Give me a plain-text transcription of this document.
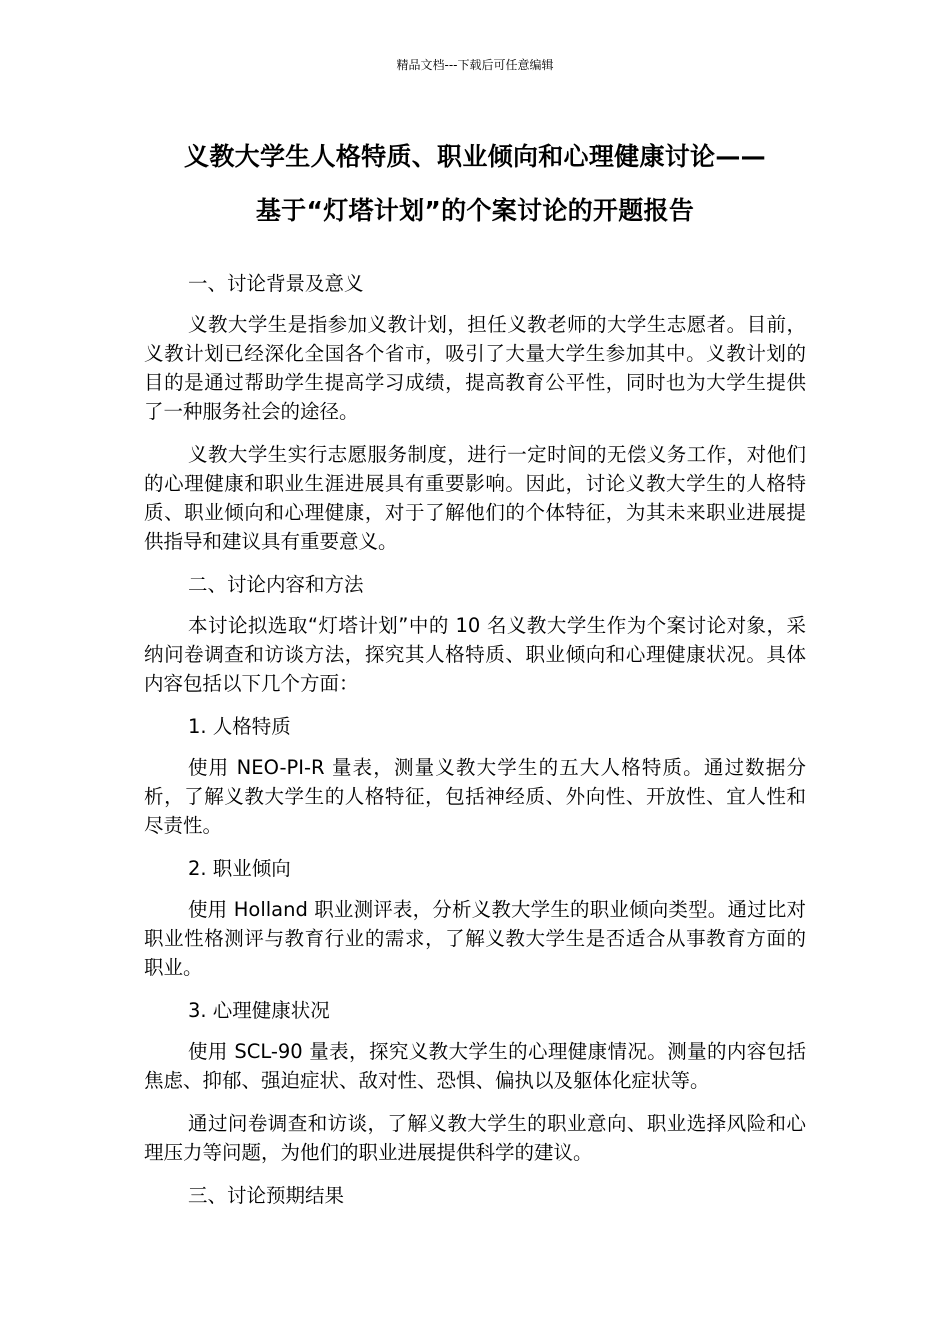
精品文档---下载后可任意编辑
义教大学生人格特质、职业倾向和心理健康讨论——
基于“灯塔计划”的个案讨论的开题报告

一、讨论背景及意义

义教大学生是指参加义教计划，担任义教老师的大学生志愿者。目前，义教计划已经深化全国各个省市，吸引了大量大学生参加其中。义教计划的目的是通过帮助学生提高学习成绩，提高教育公平性，同时也为大学生提供了一种服务社会的途径。

义教大学生实行志愿服务制度，进行一定时间的无偿义务工作，对他们的心理健康和职业生涯进展具有重要影响。因此，讨论义教大学生的人格特质、职业倾向和心理健康，对于了解他们的个体特征，为其未来职业进展提供指导和建议具有重要意义。

二、讨论内容和方法

本讨论拟选取“灯塔计划”中的 10 名义教大学生作为个案讨论对象，采纳问卷调查和访谈方法，探究其人格特质、职业倾向和心理健康状况。具体内容包括以下几个方面：

1. 人格特质

使用 NEO-PI-R 量表，测量义教大学生的五大人格特质。通过数据分析，了解义教大学生的人格特征，包括神经质、外向性、开放性、宜人性和尽责性。

2. 职业倾向

使用 Holland 职业测评表，分析义教大学生的职业倾向类型。通过比对职业性格测评与教育行业的需求，了解义教大学生是否适合从事教育方面的职业。

3. 心理健康状况

使用 SCL-90 量表，探究义教大学生的心理健康情况。测量的内容包括焦虑、抑郁、强迫症状、敌对性、恐惧、偏执以及躯体化症状等。

通过问卷调查和访谈，了解义教大学生的职业意向、职业选择风险和心理压力等问题，为他们的职业进展提供科学的建议。

三、讨论预期结果
